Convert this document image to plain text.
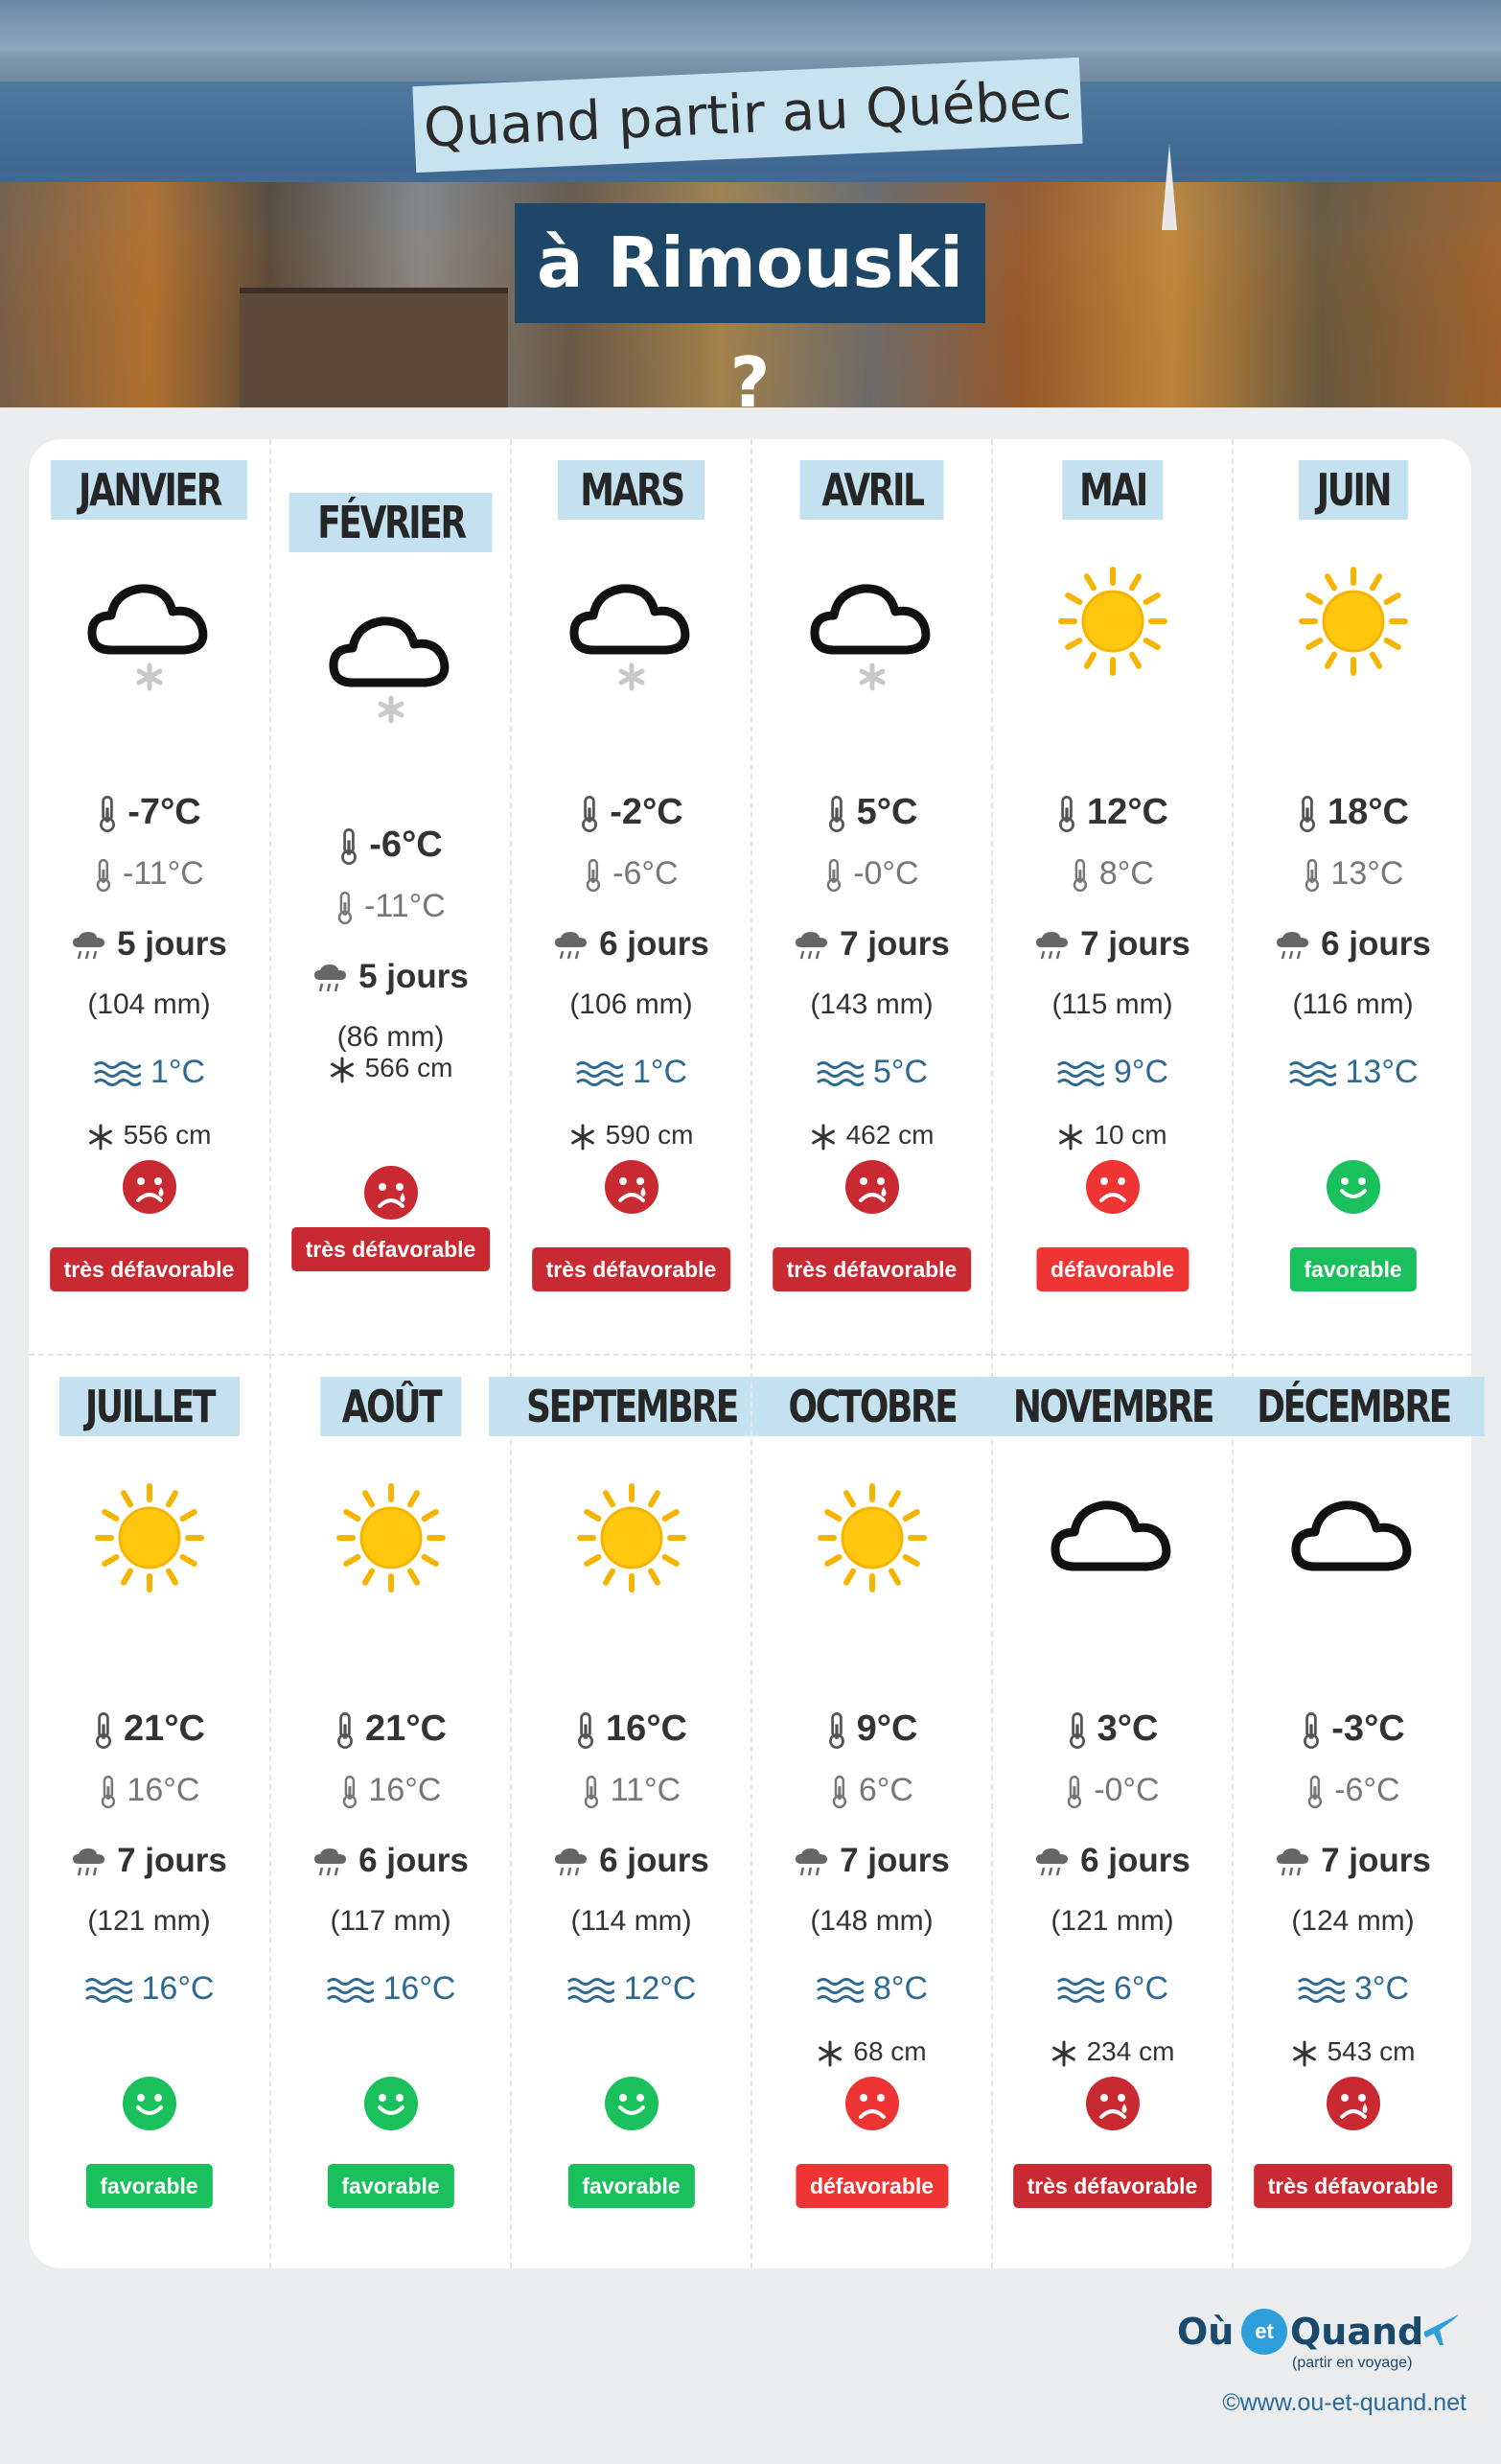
Quand partir au Québec
à Rimouski ?
JANVIER
-7°C
-11°C
5 jours
(104 mm)
1°C
556 cm
très défavorable
FÉVRIER
-6°C
-11°C
5 jours
(86 mm)
566 cm
très défavorable
MARS
-2°C
-6°C
6 jours
(106 mm)
1°C
590 cm
très défavorable
AVRIL
5°C
-0°C
7 jours
(143 mm)
5°C
462 cm
très défavorable
MAI
12°C
8°C
7 jours
(115 mm)
9°C
10 cm
défavorable
JUIN
18°C
13°C
6 jours
(116 mm)
13°C
favorable
JUILLET
21°C
16°C
7 jours
(121 mm)
16°C
favorable
AOÛT
21°C
16°C
6 jours
(117 mm)
16°C
favorable
SEPTEMBRE
16°C
11°C
6 jours
(114 mm)
12°C
favorable
OCTOBRE
9°C
6°C
7 jours
(148 mm)
8°C
68 cm
défavorable
NOVEMBRE
3°C
-0°C
6 jours
(121 mm)
6°C
234 cm
très défavorable
DÉCEMBRE
-3°C
-6°C
7 jours
(124 mm)
3°C
543 cm
très défavorable
Où et Quand
(partir en voyage)
©www.ou-et-quand.net
